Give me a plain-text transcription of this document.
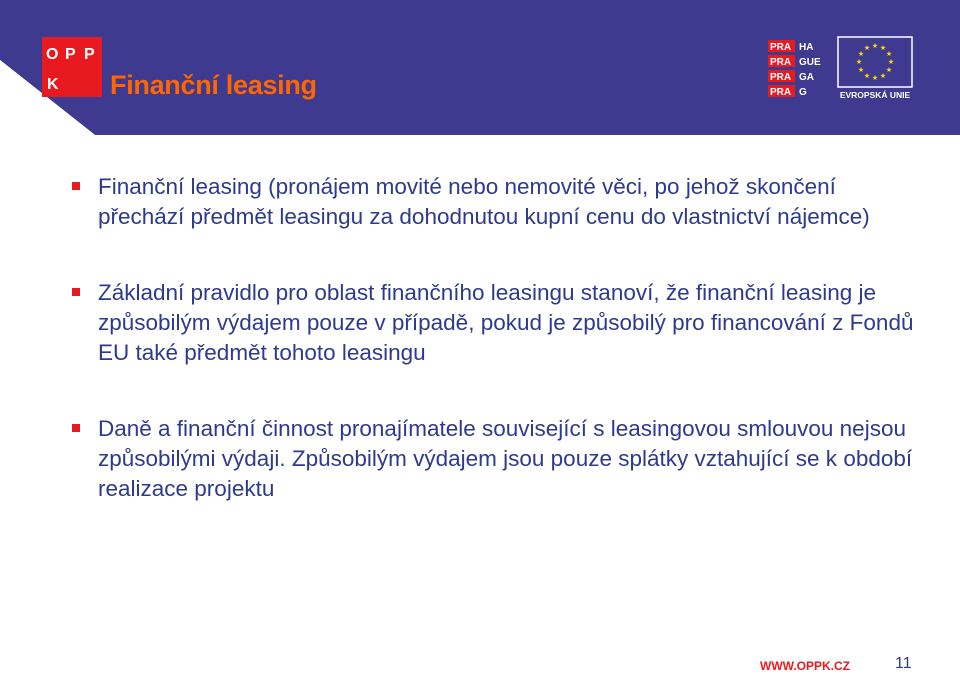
O P P
K Finanční leasing
PRA HA
PRA GUE
PRA GA
PRA G
★ ★
★
★
★
★
★
★
★
★
★
★
EVROPSKÁ UNIE
Finanční leasing (pronájem movité nebo nemovité věci, po jehož skončení přechází předmět leasingu za dohodnutou kupní cenu do vlastnictví nájemce)
Základní pravidlo pro oblast finančního leasingu stanoví, že finanční leasing je způsobilým výdajem pouze v případě, pokud je způsobilý pro financování z Fondů EU také předmět tohoto leasingu
Daně a finanční činnost pronajímatele související s leasingovou smlouvou nejsou způsobilými výdaji. Způsobilým výdajem jsou pouze splátky vztahující se k období realizace projektu
WWW.OPPK.CZ	11
